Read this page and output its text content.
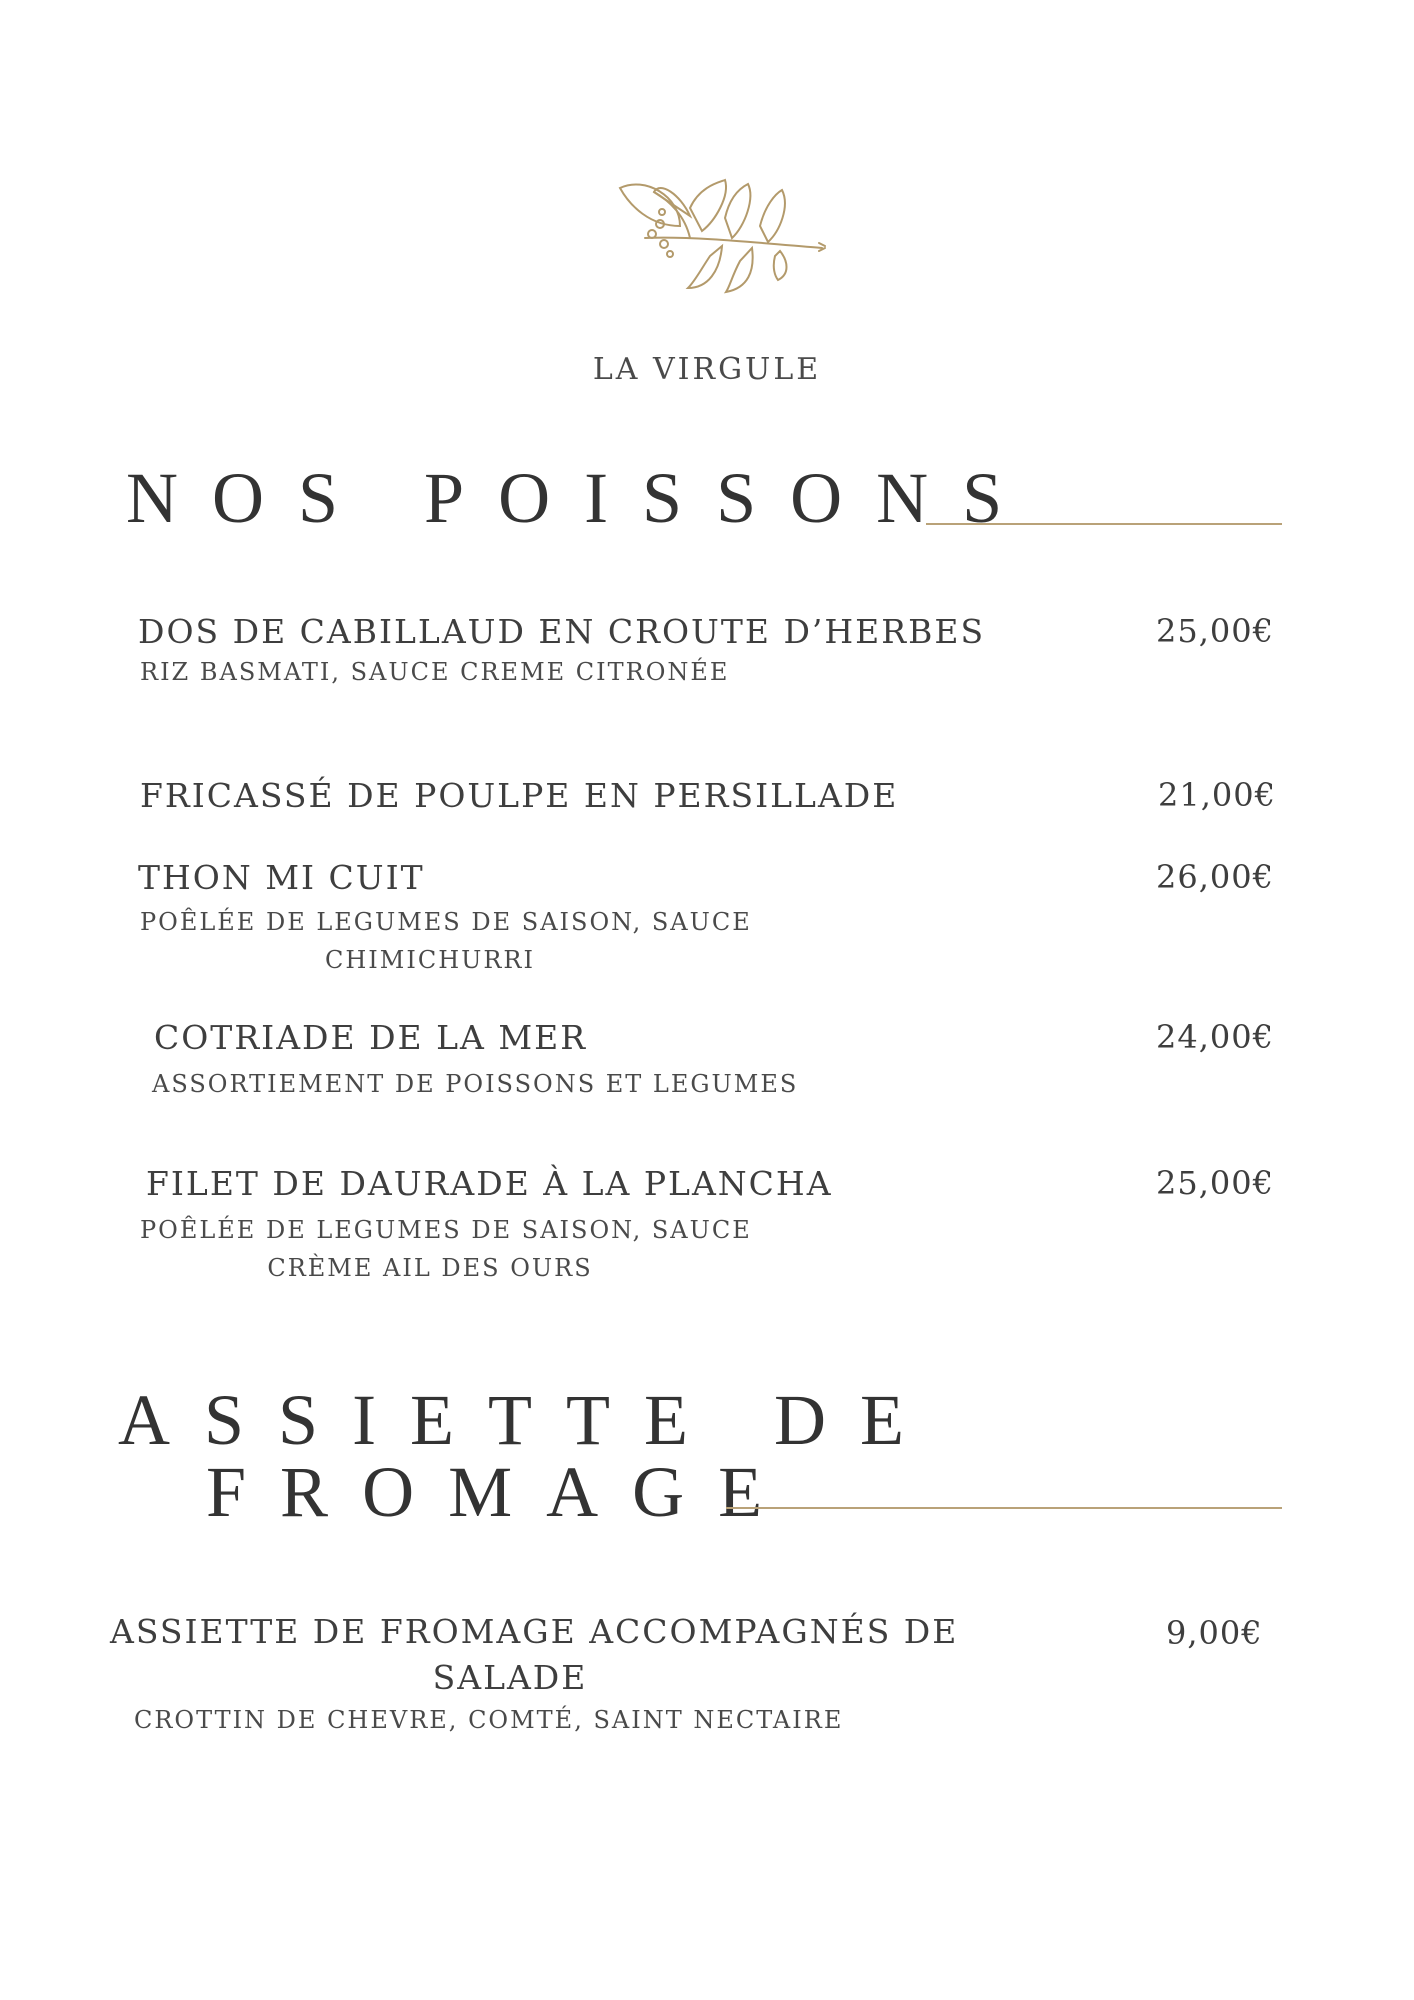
LA VIRGULE
NOS POISSONS
DOS DE CABILLAUD EN CROUTE D’HERBES
RIZ BASMATI, SAUCE CREME CITRONÉE
25,00€
FRICASSÉ DE POULPE EN PERSILLADE	21,00€
THON MI CUIT
POÊLÉE DE LEGUMES DE SAISON, SAUCE
CHIMICHURRI
26,00€
COTRIADE DE LA MER
ASSORTIEMENT DE POISSONS ET LEGUMES
24,00€
FILET DE DAURADE À LA PLANCHA
POÊLÉE DE LEGUMES DE SAISON, SAUCE
CRÈME AIL DES OURS
25,00€
ASSIETTE DE
FROMAGE
ASSIETTE DE FROMAGE ACCOMPAGNÉS DE
SALADE
CROTTIN DE CHEVRE, COMTÉ, SAINT NECTAIRE
9,00€
